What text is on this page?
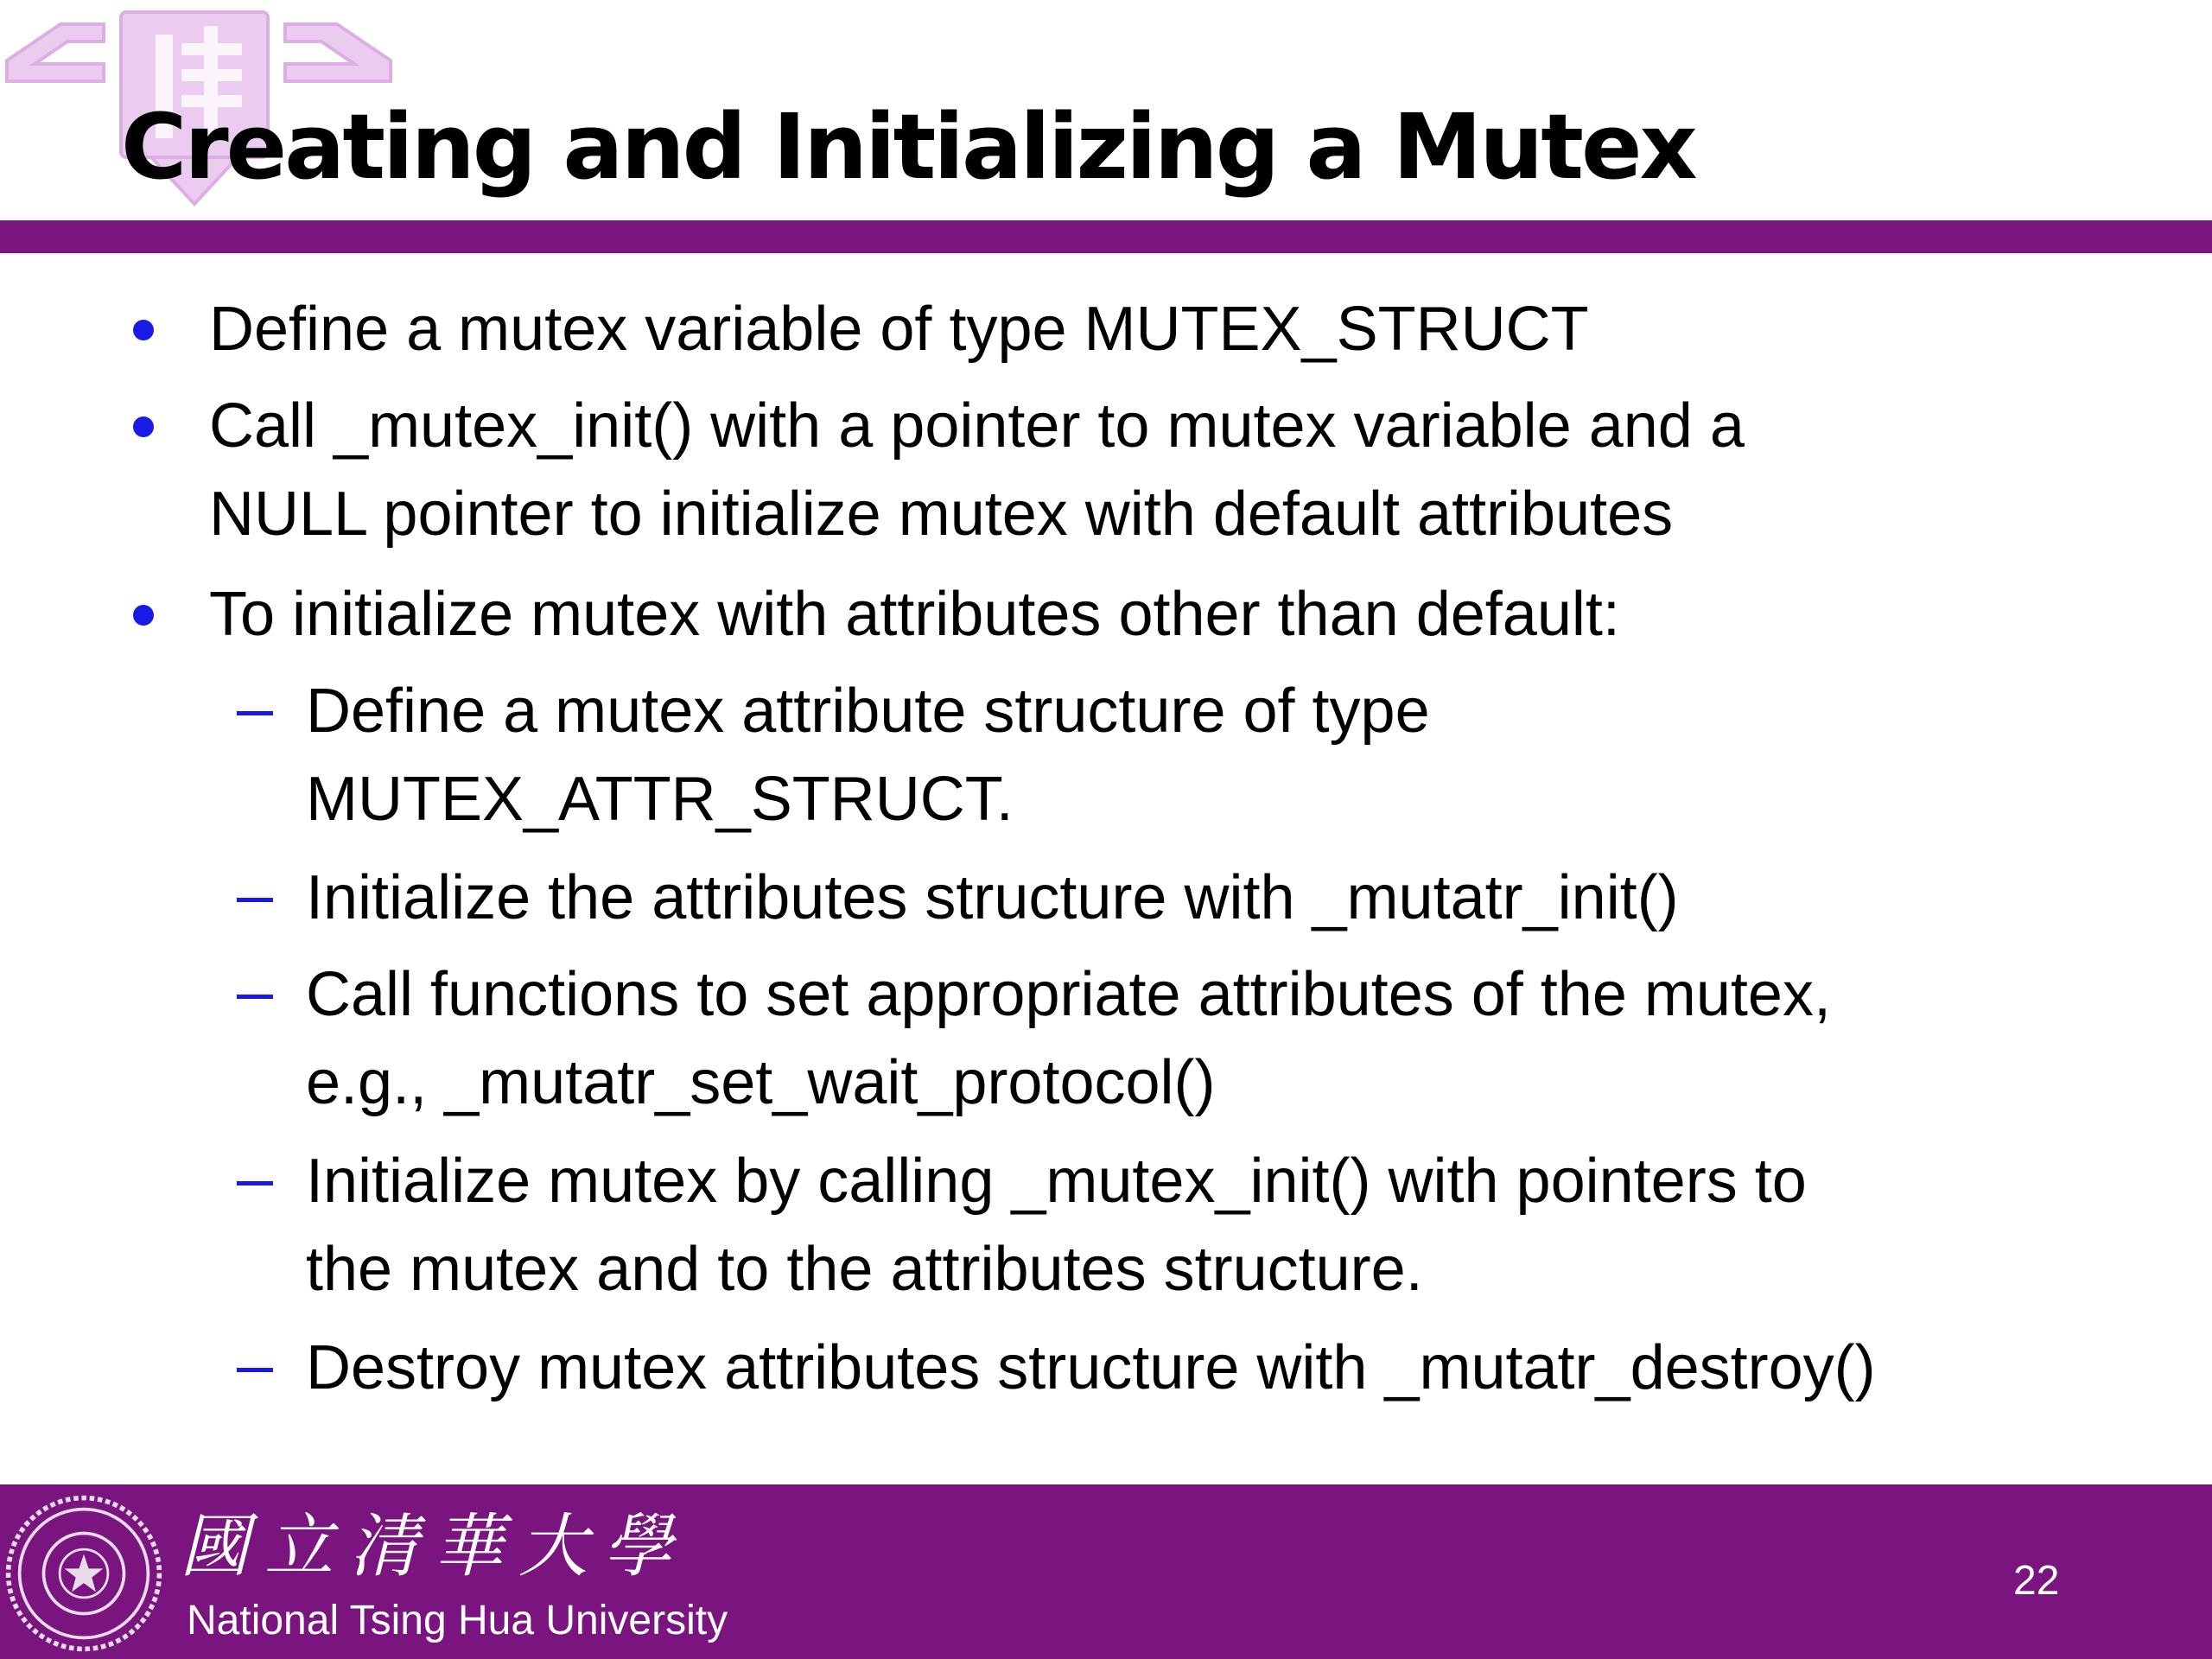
Creating and Initializing a Mutex
Define a mutex variable of type MUTEX_STRUCT
Call _mutex_init() with a pointer to mutex variable and a
NULL pointer to initialize mutex with default attributes
To initialize mutex with attributes other than default:
Define a mutex attribute structure of type
MUTEX_ATTR_STRUCT.
Initialize the attributes structure with _mutatr_init()
Call functions to set appropriate attributes of the mutex,
e.g., _mutatr_set_wait_protocol()
Initialize mutex by calling _mutex_init() with pointers to
the mutex and to the attributes structure.
Destroy mutex attributes structure with _mutatr_destroy()
國立清華大學
National Tsing Hua University
22
